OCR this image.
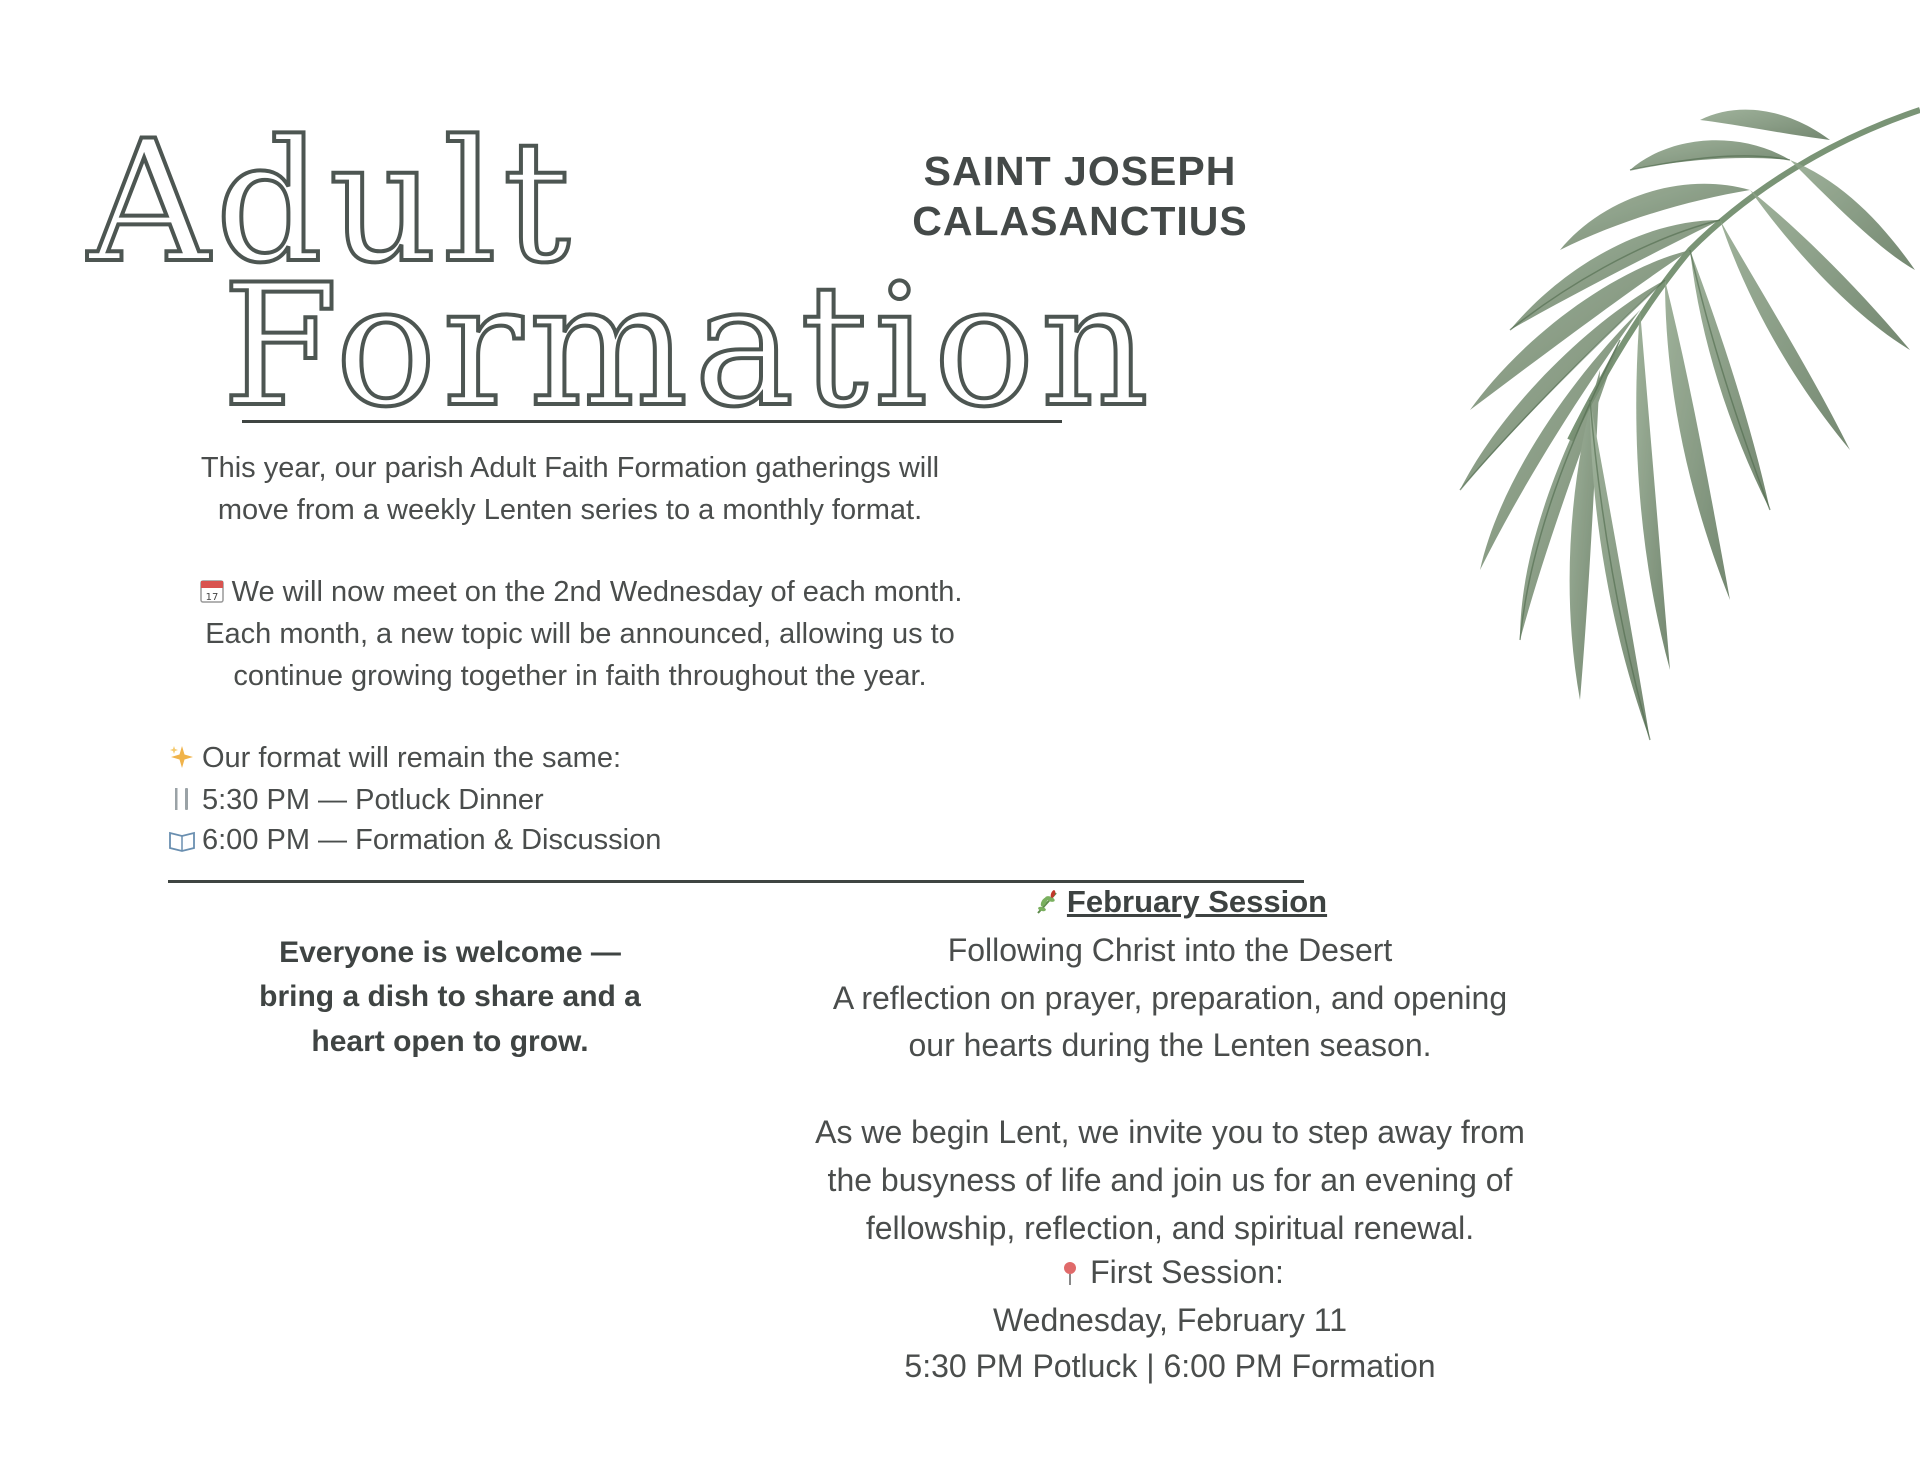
Adult
Formation
SAINT JOSEPH
CALASANCTIUS
This year, our parish Adult Faith Formation gatherings will
move from a weekly Lenten series to a monthly format.
17 We will now meet on the 2nd Wednesday of each month.
Each month, a new topic will be announced, allowing us to
continue growing together in faith throughout the year.
Our format will remain the same:
5:30 PM — Potluck Dinner
6:00 PM — Formation & Discussion
Everyone is welcome —
bring a dish to share and a
heart open to grow.
February Session
Following Christ into the Desert
A reflection on prayer, preparation, and opening
our hearts during the Lenten season.
As we begin Lent, we invite you to step away from
the busyness of life and join us for an evening of
fellowship, reflection, and spiritual renewal.
First Session:
Wednesday, February 11
5:30 PM Potluck | 6:00 PM Formation
